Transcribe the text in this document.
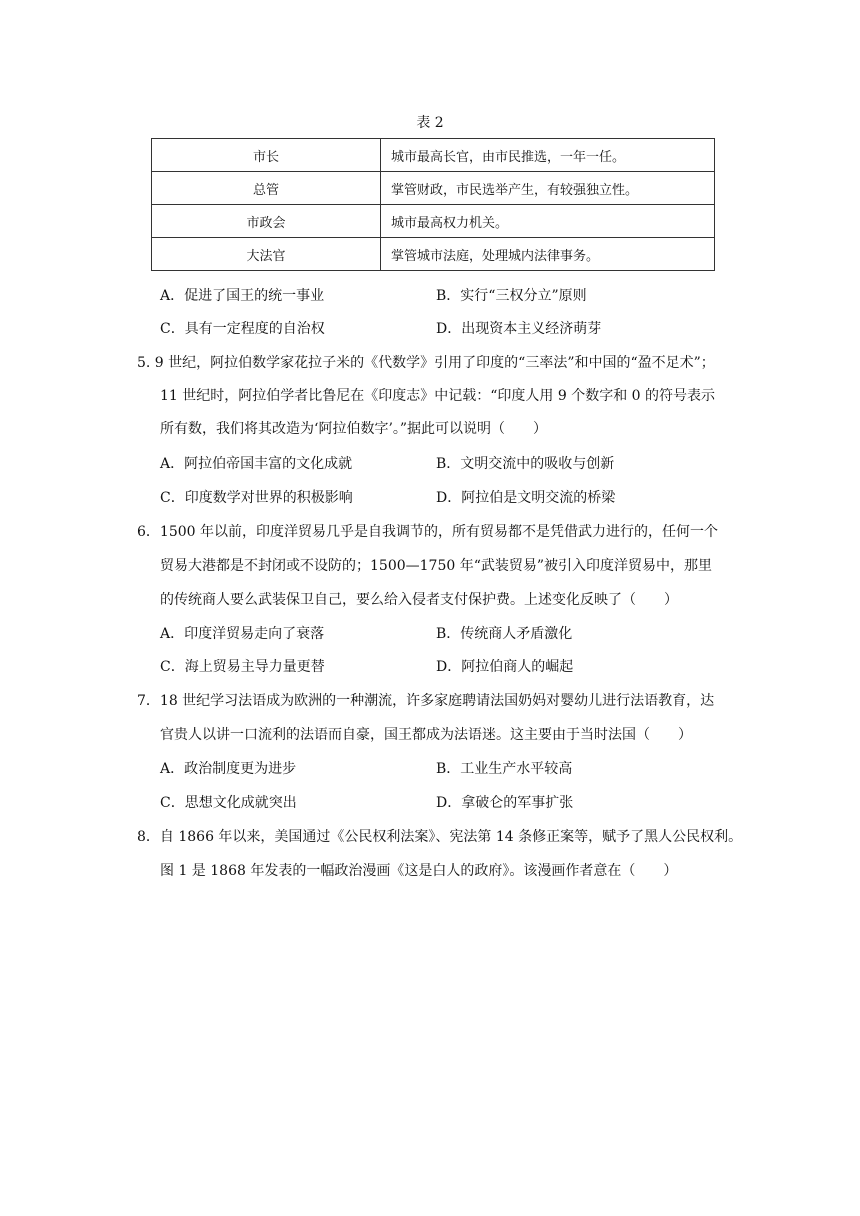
表 2
市长	城市最高长官，由市民推选，一年一任。
总管	掌管财政，市民选举产生，有较强独立性。
市政会	城市最高权力机关。
大法官	掌管城市法庭，处理城内法律事务。
A．促进了国王的统一事业	B．实行“三权分立”原则
C．具有一定程度的自治权	D．出现资本主义经济萌芽
5. 9 世纪，阿拉伯数学家花拉子米的《代数学》引用了印度的“三率法”和中国的“盈不足术”；
11 世纪时，阿拉伯学者比鲁尼在《印度志》中记载：“印度人用 9 个数字和 0 的符号表示
所有数，我们将其改造为‘阿拉伯数字’。”据此可以说明（　　）
A．阿拉伯帝国丰富的文化成就	B．文明交流中的吸收与创新
C．印度数学对世界的积极影响	D．阿拉伯是文明交流的桥梁
6．1500 年以前，印度洋贸易几乎是自我调节的，所有贸易都不是凭借武力进行的，任何一个
贸易大港都是不封闭或不设防的；1500—1750 年“武装贸易”被引入印度洋贸易中，那里
的传统商人要么武装保卫自己，要么给入侵者支付保护费。上述变化反映了（　　）
A．印度洋贸易走向了衰落	B．传统商人矛盾激化
C．海上贸易主导力量更替	D．阿拉伯商人的崛起
7．18 世纪学习法语成为欧洲的一种潮流，许多家庭聘请法国奶妈对婴幼儿进行法语教育，达
官贵人以讲一口流利的法语而自豪，国王都成为法语迷。这主要由于当时法国（　　）
A．政治制度更为进步	B．工业生产水平较高
C．思想文化成就突出	D．拿破仑的军事扩张
8．自 1866 年以来，美国通过《公民权利法案》、宪法第 14 条修正案等，赋予了黑人公民权利。
图 1 是 1868 年发表的一幅政治漫画《这是白人的政府》。该漫画作者意在（　　）
